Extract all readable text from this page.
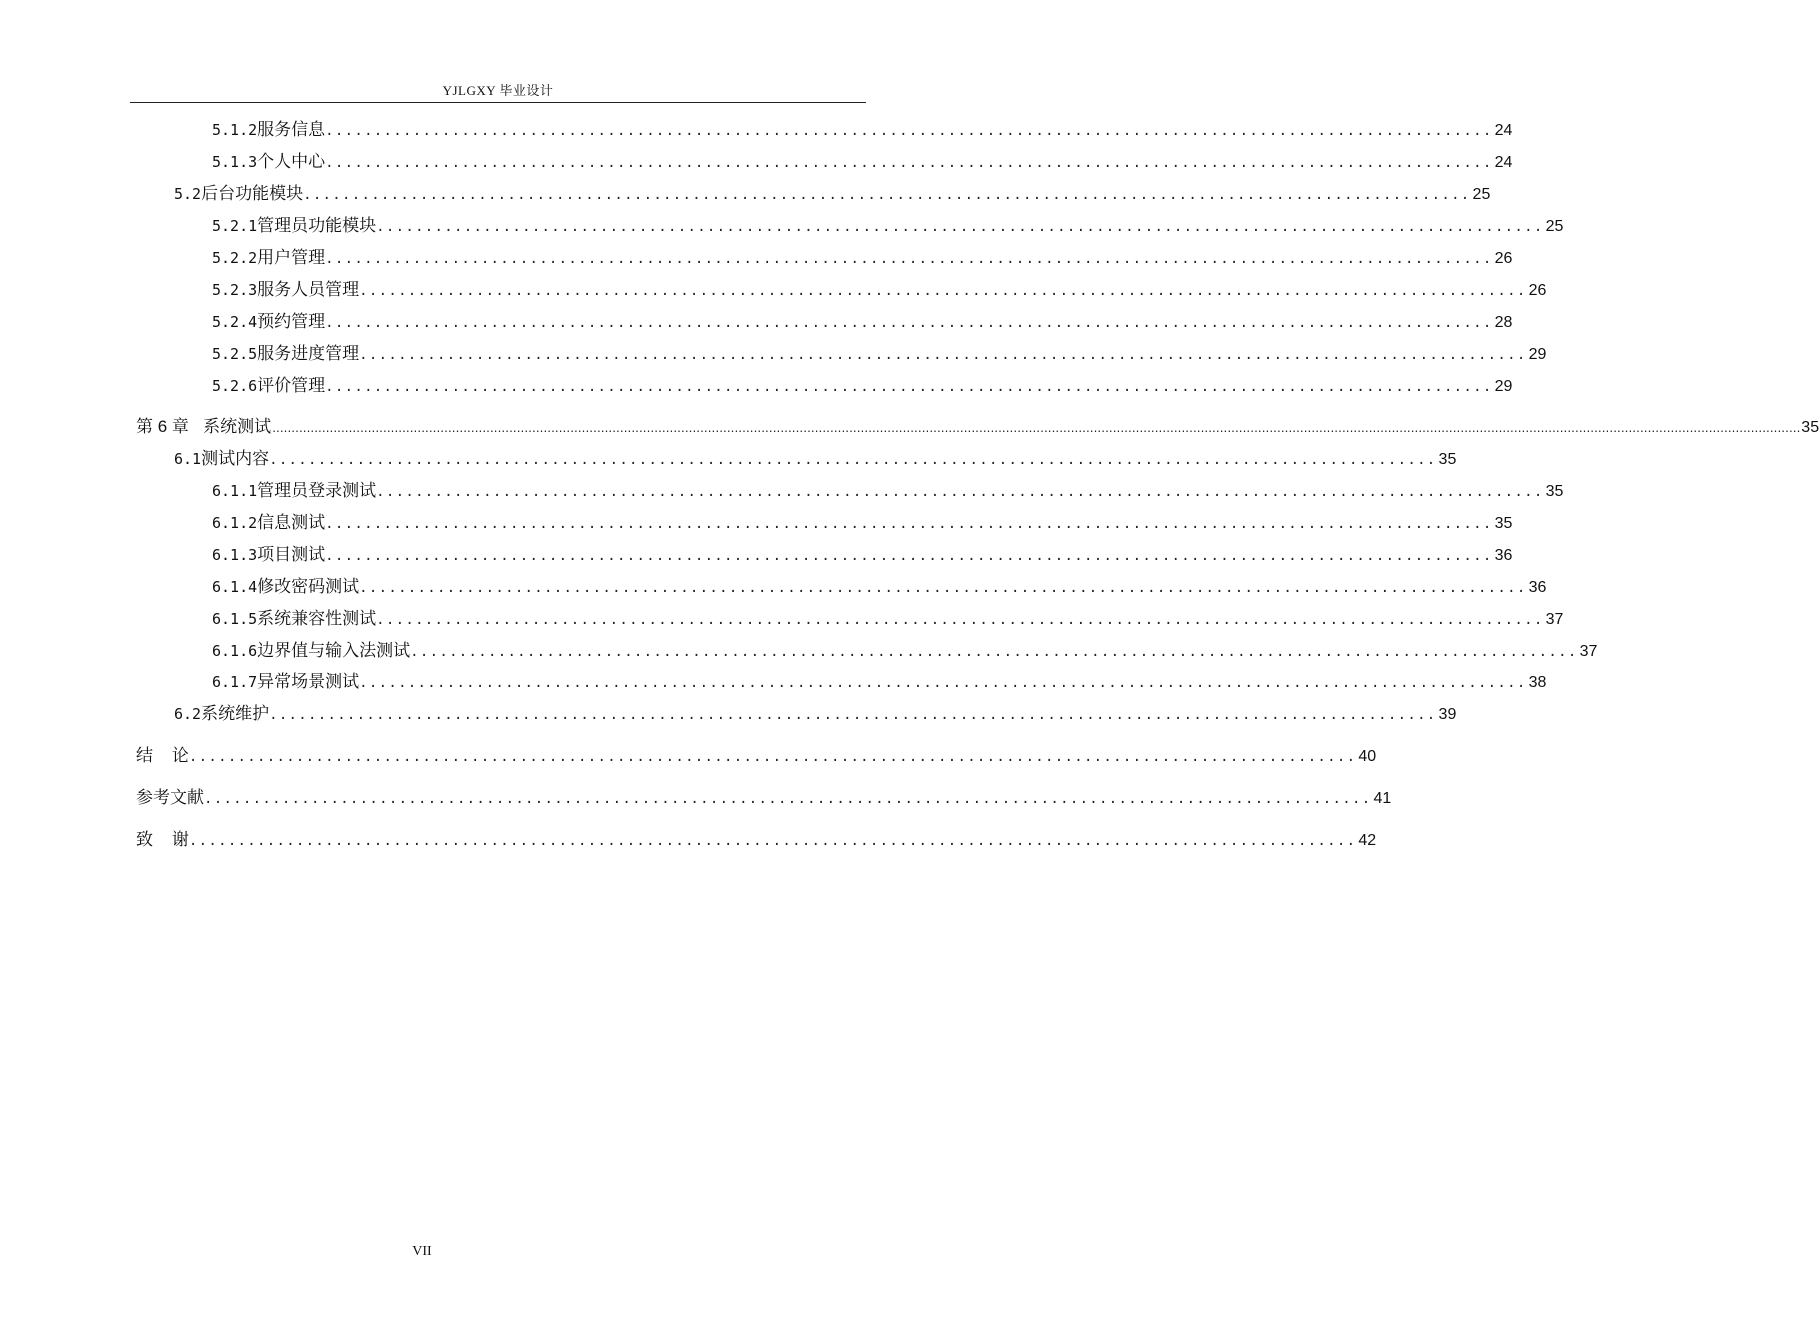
YJLGXY 毕业设计
5.1.2 服务信息 ........................................................................................................................ 24
5.1.3 个人中心 ........................................................................................................................ 24
5.2 后台功能模块 ........................................................................................................................ 25
5.2.1 管理员功能模块 ........................................................................................................................ 25
5.2.2 用户管理 ........................................................................................................................ 26
5.2.3 服务人员管理 ........................................................................................................................ 26
5.2.4 预约管理 ........................................................................................................................ 28
5.2.5 服务进度管理 ........................................................................................................................ 29
5.2.6 评价管理 ........................................................................................................................ 29
第 6 章   系统测试 ................................................................................................................................................................................................................................................................................................................................................................................................................ 35
6.1 测试内容 ........................................................................................................................ 35
6.1.1 管理员登录测试 ........................................................................................................................ 35
6.1.2 信息测试 ........................................................................................................................ 35
6.1.3 项目测试 ........................................................................................................................ 36
6.1.4 修改密码测试 ........................................................................................................................ 36
6.1.5 系统兼容性测试 ........................................................................................................................ 37
6.1.6 边界值与输入法测试 ........................................................................................................................ 37
6.1.7 异常场景测试 ........................................................................................................................ 38
6.2 系统维护 ........................................................................................................................ 39
结    论 ........................................................................................................................ 40
参考文献 ........................................................................................................................ 41
致    谢 ........................................................................................................................ 42
VII
